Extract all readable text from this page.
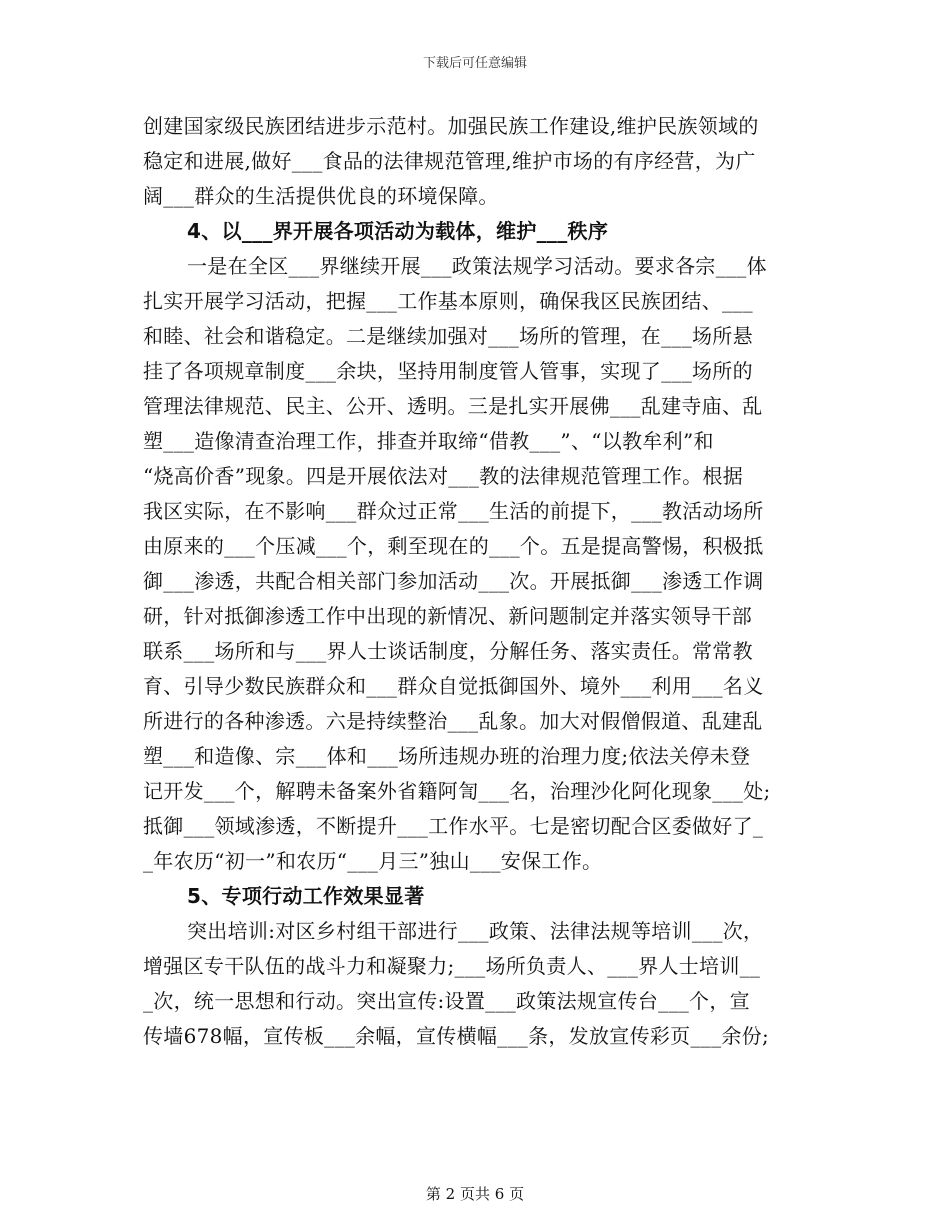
下载后可任意编辑
创建国家级民族团结进步示范村。加强民族工作建设,维护民族领域的
稳定和进展,做好___食品的法律规范管理,维护市场的有序经营，为广
阔___群众的生活提供优良的环境保障。
4、以___界开展各项活动为载体，维护___秩序
一是在全区___界继续开展___政策法规学习活动。要求各宗___体
扎实开展学习活动，把握___工作基本原则，确保我区民族团结、___
和睦、社会和谐稳定。二是继续加强对___场所的管理，在___场所悬
挂了各项规章制度___余块，坚持用制度管人管事，实现了___场所的
管理法律规范、民主、公开、透明。三是扎实开展佛___乱建寺庙、乱
塑___造像清查治理工作，排查并取缔“借教___”、“以教牟利”和
“烧高价香”现象。四是开展依法对___教的法律规范管理工作。根据
我区实际，在不影响___群众过正常___生活的前提下，___教活动场所
由原来的___个压减___个，剩至现在的___个。五是提高警惕，积极抵
御___渗透，共配合相关部门参加活动___次。开展抵御___渗透工作调
研，针对抵御渗透工作中出现的新情况、新问题制定并落实领导干部
联系___场所和与___界人士谈话制度，分解任务、落实责任。常常教
育、引导少数民族群众和___群众自觉抵御国外、境外___利用___名义
所进行的各种渗透。六是持续整治___乱象。加大对假僧假道、乱建乱
塑___和造像、宗___体和___场所违规办班的治理力度;依法关停未登
记开发___个，解聘未备案外省籍阿訇___名，治理沙化阿化现象___处;
抵御___领域渗透，不断提升___工作水平。七是密切配合区委做好了_
_年农历“初一”和农历“___月三”独山___安保工作。
5、专项行动工作效果显著
突出培训:对区乡村组干部进行___政策、法律法规等培训___次，
增强区专干队伍的战斗力和凝聚力;___场所负责人、___界人士培训__
_次，统一思想和行动。突出宣传:设置___政策法规宣传台___个，宣
传墙678幅，宣传板___余幅，宣传横幅___条，发放宣传彩页___余份;
第 2 页共 6 页
